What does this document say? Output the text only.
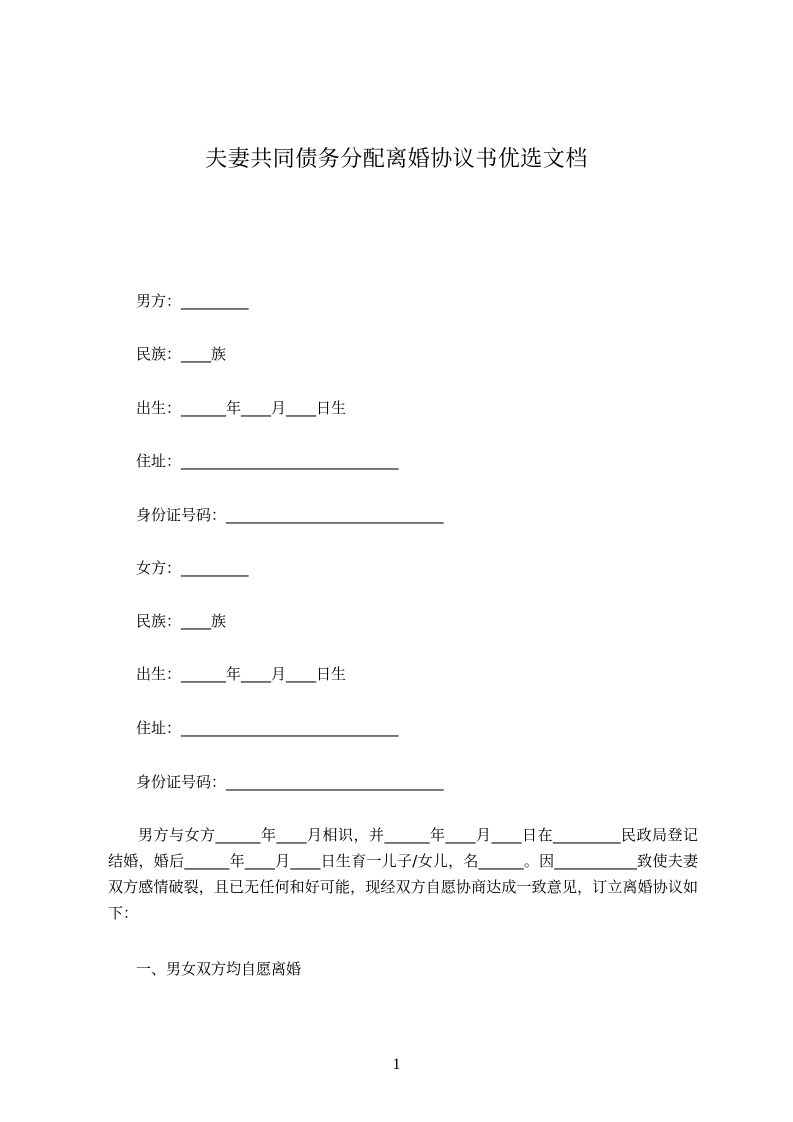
夫妻共同债务分配离婚协议书优选文档
男方：_________
民族：____族
出生：______年____月____日生
住址：_____________________________
身份证号码：_____________________________
女方：_________
民族：____族
出生：______年____月____日生
住址：_____________________________
身份证号码：_____________________________
男方与女方______年____月相识，并______年____月____日在_________民政局登记结婚，婚后______年____月____日生育一儿子/女儿，名______。因___________致使夫妻双方感情破裂，且已无任何和好可能，现经双方自愿协商达成一致意见，订立离婚协议如下：
一、男女双方均自愿离婚
1
